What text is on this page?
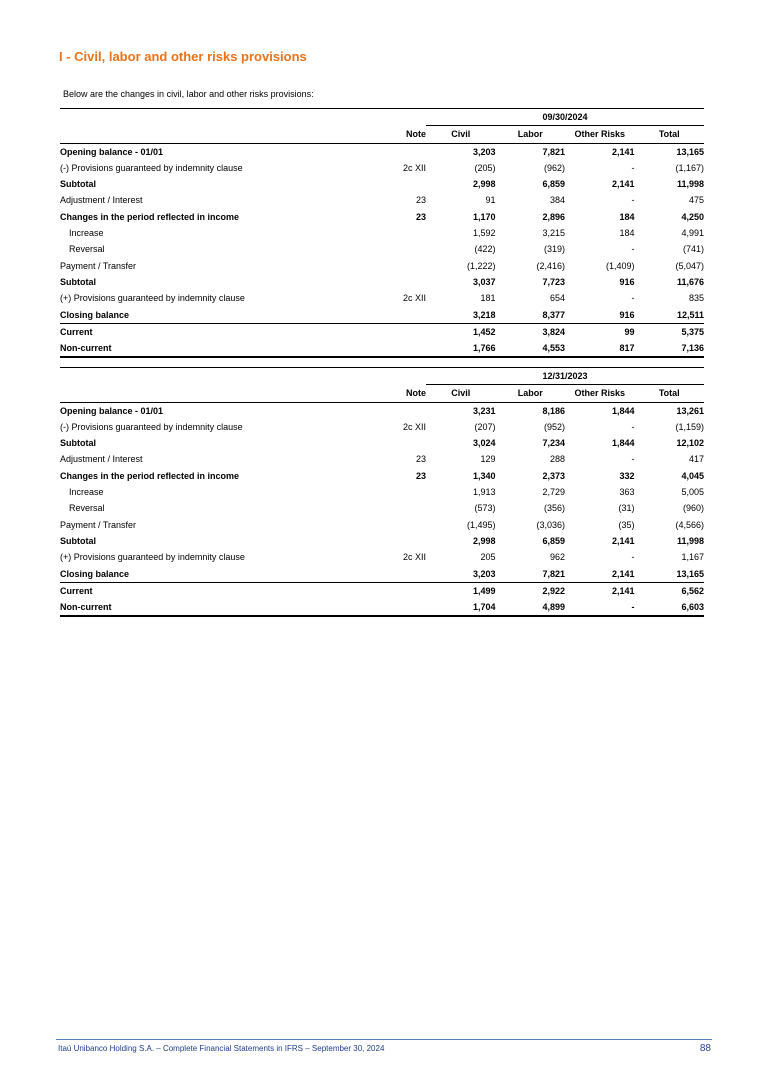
I - Civil, labor and other risks provisions
Below are the changes in civil, labor and other risks provisions:
		09/30/2024			
	Note	Civil	Labor	Other Risks	Total
Opening balance - 01/01		3,203	7,821	2,141	13,165
(-) Provisions guaranteed by indemnity clause	2c XII	(205)	(962)	-	(1,167)
Subtotal		2,998	6,859	2,141	11,998
Adjustment / Interest	23	91	384	-	475
Changes in the period reflected in income	23	1,170	2,896	184	4,250
Increase		1,592	3,215	184	4,991
Reversal		(422)	(319)	-	(741)
Payment / Transfer		(1,222)	(2,416)	(1,409)	(5,047)
Subtotal		3,037	7,723	916	11,676
(+) Provisions guaranteed by indemnity clause	2c XII	181	654	-	835
Closing balance		3,218	8,377	916	12,511
Current		1,452	3,824	99	5,375
Non-current		1,766	4,553	817	7,136
		12/31/2023			
	Note	Civil	Labor	Other Risks	Total
Opening balance - 01/01		3,231	8,186	1,844	13,261
(-) Provisions guaranteed by indemnity clause	2c XII	(207)	(952)	-	(1,159)
Subtotal		3,024	7,234	1,844	12,102
Adjustment / Interest	23	129	288	-	417
Changes in the period reflected in income	23	1,340	2,373	332	4,045
Increase		1,913	2,729	363	5,005
Reversal		(573)	(356)	(31)	(960)
Payment / Transfer		(1,495)	(3,036)	(35)	(4,566)
Subtotal		2,998	6,859	2,141	11,998
(+) Provisions guaranteed by indemnity clause	2c XII	205	962	-	1,167
Closing balance		3,203	7,821	2,141	13,165
Current		1,499	2,922	2,141	6,562
Non-current		1,704	4,899	-	6,603
Itaú Unibanco Holding S.A. – Complete Financial Statements in IFRS – September 30, 2024	88
